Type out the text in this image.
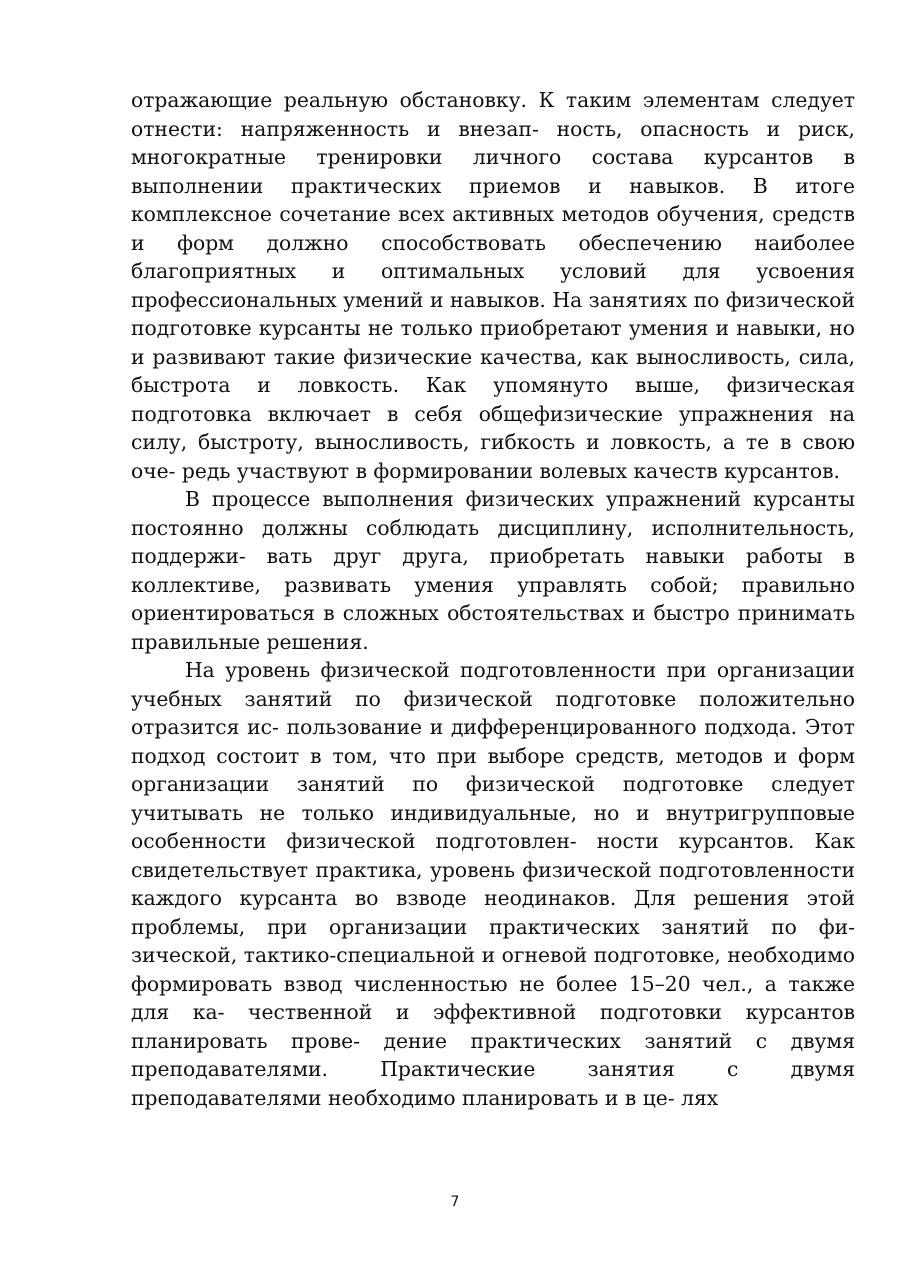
отражающие реальную обстановку. К таким элементам следует отнести: напряженность и внезап- ность, опасность и риск, многократные тренировки личного состава курсантов в выполнении практических приемов и навыков. В итоге комплексное сочетание всех активных методов обучения, средств и форм должно способствовать обеспечению наиболее благоприятных и оптимальных условий для усвоения профессиональных умений и навыков. На занятиях по физической подготовке курсанты не только приобретают умения и навыки, но и развивают такие физические качества, как выносливость, сила, быстрота и ловкость. Как упомянуто выше, физическая подготовка включает в себя общефизические упражнения на силу, быстроту, выносливость, гибкость и ловкость, а те в свою оче- редь участвуют в формировании волевых качеств курсантов.

В процессе выполнения физических упражнений курсанты постоянно должны соблюдать дисциплину, исполнительность, поддержи- вать друг друга, приобретать навыки работы в коллективе, развивать умения управлять собой; правильно ориентироваться в сложных обстоятельствах и быстро принимать правильные решения.

На уровень физической подготовленности при организации учебных занятий по физической подготовке положительно отразится ис- пользование и дифференцированного подхода. Этот подход состоит в том, что при выборе средств, методов и форм организации занятий по физической подготовке следует учитывать не только индивидуальные, но и внутригрупповые особенности физической подготовлен- ности курсантов. Как свидетельствует практика, уровень физической подготовленности каждого курсанта во взводе неодинаков. Для решения этой проблемы, при организации практических занятий по фи- зической, тактико-специальной и огневой подготовке, необходимо формировать взвод численностью не более 15–20 чел., а также для ка- чественной и эффективной подготовки курсантов планировать прове- дение практических занятий с двумя преподавателями. Практические занятия с двумя преподавателями необходимо планировать и в це- лях

7
